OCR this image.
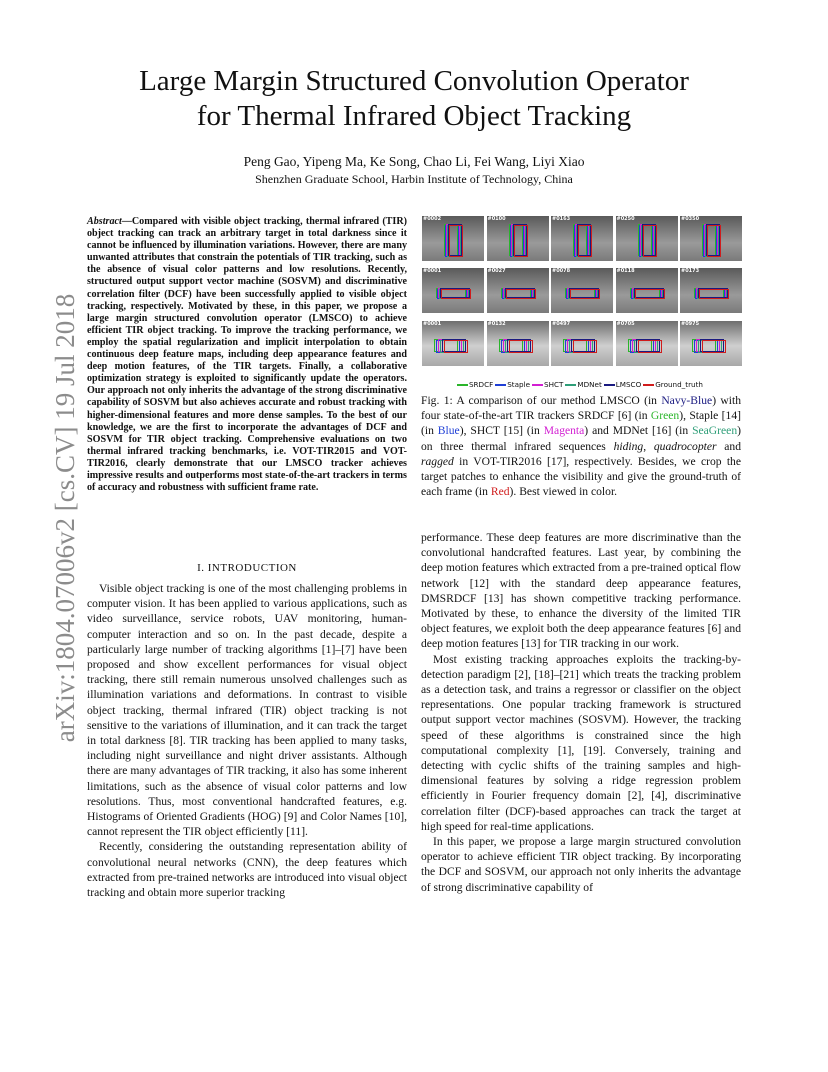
Large Margin Structured Convolution Operator
for Thermal Infrared Object Tracking
Peng Gao, Yipeng Ma, Ke Song, Chao Li, Fei Wang, Liyi Xiao
Shenzhen Graduate School, Harbin Institute of Technology, China
arXiv:1804.07006v2 [cs.CV] 19 Jul 2018
Abstract—Compared with visible object tracking, thermal infrared (TIR) object tracking can track an arbitrary target in total darkness since it cannot be influenced by illumination variations. However, there are many unwanted attributes that constrain the potentials of TIR tracking, such as the absence of visual color patterns and low resolutions. Recently, structured output support vector machine (SOSVM) and discriminative correlation filter (DCF) have been successfully applied to visible object tracking, respectively. Motivated by these, in this paper, we propose a large margin structured convolution operator (LMSCO) to achieve efficient TIR object tracking. To improve the tracking performance, we employ the spatial regularization and implicit interpolation to obtain continuous deep feature maps, including deep appearance features and deep motion features, of the TIR targets. Finally, a collaborative optimization strategy is exploited to significantly update the operators. Our approach not only inherits the advantage of the strong discriminative capability of SOSVM but also achieves accurate and robust tracking with higher-dimensional features and more dense samples. To the best of our knowledge, we are the first to incorporate the advantages of DCF and SOSVM for TIR object tracking. Comprehensive evaluations on two thermal infrared tracking benchmarks, i.e. VOT-TIR2015 and VOT-TIR2016, clearly demonstrate that our LMSCO tracker achieves impressive results and outperforms most state-of-the-art trackers in terms of accuracy and robustness with sufficient frame rate.
I. INTRODUCTION

Visible object tracking is one of the most challenging problems in computer vision. It has been applied to various applications, such as video surveillance, service robots, UAV monitoring, human-computer interaction and so on. In the past decade, despite a particularly large number of tracking algorithms [1]–[7] have been proposed and show excellent performances for visual object tracking, there still remain numerous unsolved challenges such as illumination variations and deformations. In contrast to visible object tracking, thermal infrared (TIR) object tracking is not sensitive to the variations of illumination, and it can track the target in total darkness [8]. TIR tracking has been applied to many tasks, including night surveillance and night driver assistants. Although there are many advantages of TIR tracking, it also has some inherent limitations, such as the absence of visual color patterns and low resolutions. Thus, most conventional handcrafted features, e.g. Histograms of Oriented Gradients (HOG) [9] and Color Names [10], cannot represent the TIR object efficiently [11].

Recently, considering the outstanding representation ability of convolutional neural networks (CNN), the deep features which extracted from pre-trained networks are introduced into visual object tracking and obtain more superior tracking

#0002	#0100	#0163	#0250	#0350
#0001	#0027	#0078	#0118	#0173
#0001	#0132	#0497	#0705	#0975
SRDCF Staple SHCT MDNet LMSCO Ground_truth
Fig. 1: A comparison of our method LMSCO (in Navy-Blue) with four state-of-the-art TIR trackers SRDCF [6] (in Green), Staple [14] (in Blue), SHCT [15] (in Magenta) and MDNet [16] (in SeaGreen) on three thermal infrared sequences hiding, quadrocopter and ragged in VOT-TIR2016 [17], respectively. Besides, we crop the target patches to enhance the visibility and give the ground-truth of each frame (in Red). Best viewed in color.

performance. These deep features are more discriminative than the convolutional handcrafted features. Last year, by combining the deep motion features which extracted from a pre-trained optical flow network [12] with the standard deep appearance features, DMSRDCF [13] has shown competitive tracking performance. Motivated by these, to enhance the diversity of the limited TIR object features, we exploit both the deep appearance features [6] and deep motion features [13] for TIR tracking in our work.

Most existing tracking approaches exploits the tracking-by-detection paradigm [2], [18]–[21] which treats the tracking problem as a detection task, and trains a regressor or classifier on the object representations. One popular tracking framework is structured output support vector machines (SOSVM). However, the tracking speed of these algorithms is constrained since the high computational complexity [1], [19]. Conversely, training and detecting with cyclic shifts of the training samples and high-dimensional features by solving a ridge regression problem efficiently in Fourier frequency domain [2], [4], discriminative correlation filter (DCF)-based approaches can track the target at high speed for real-time applications.

In this paper, we propose a large margin structured convolution operator to achieve efficient TIR object tracking. By incorporating the DCF and SOSVM, our approach not only inherits the advantage of strong discriminative capability of
